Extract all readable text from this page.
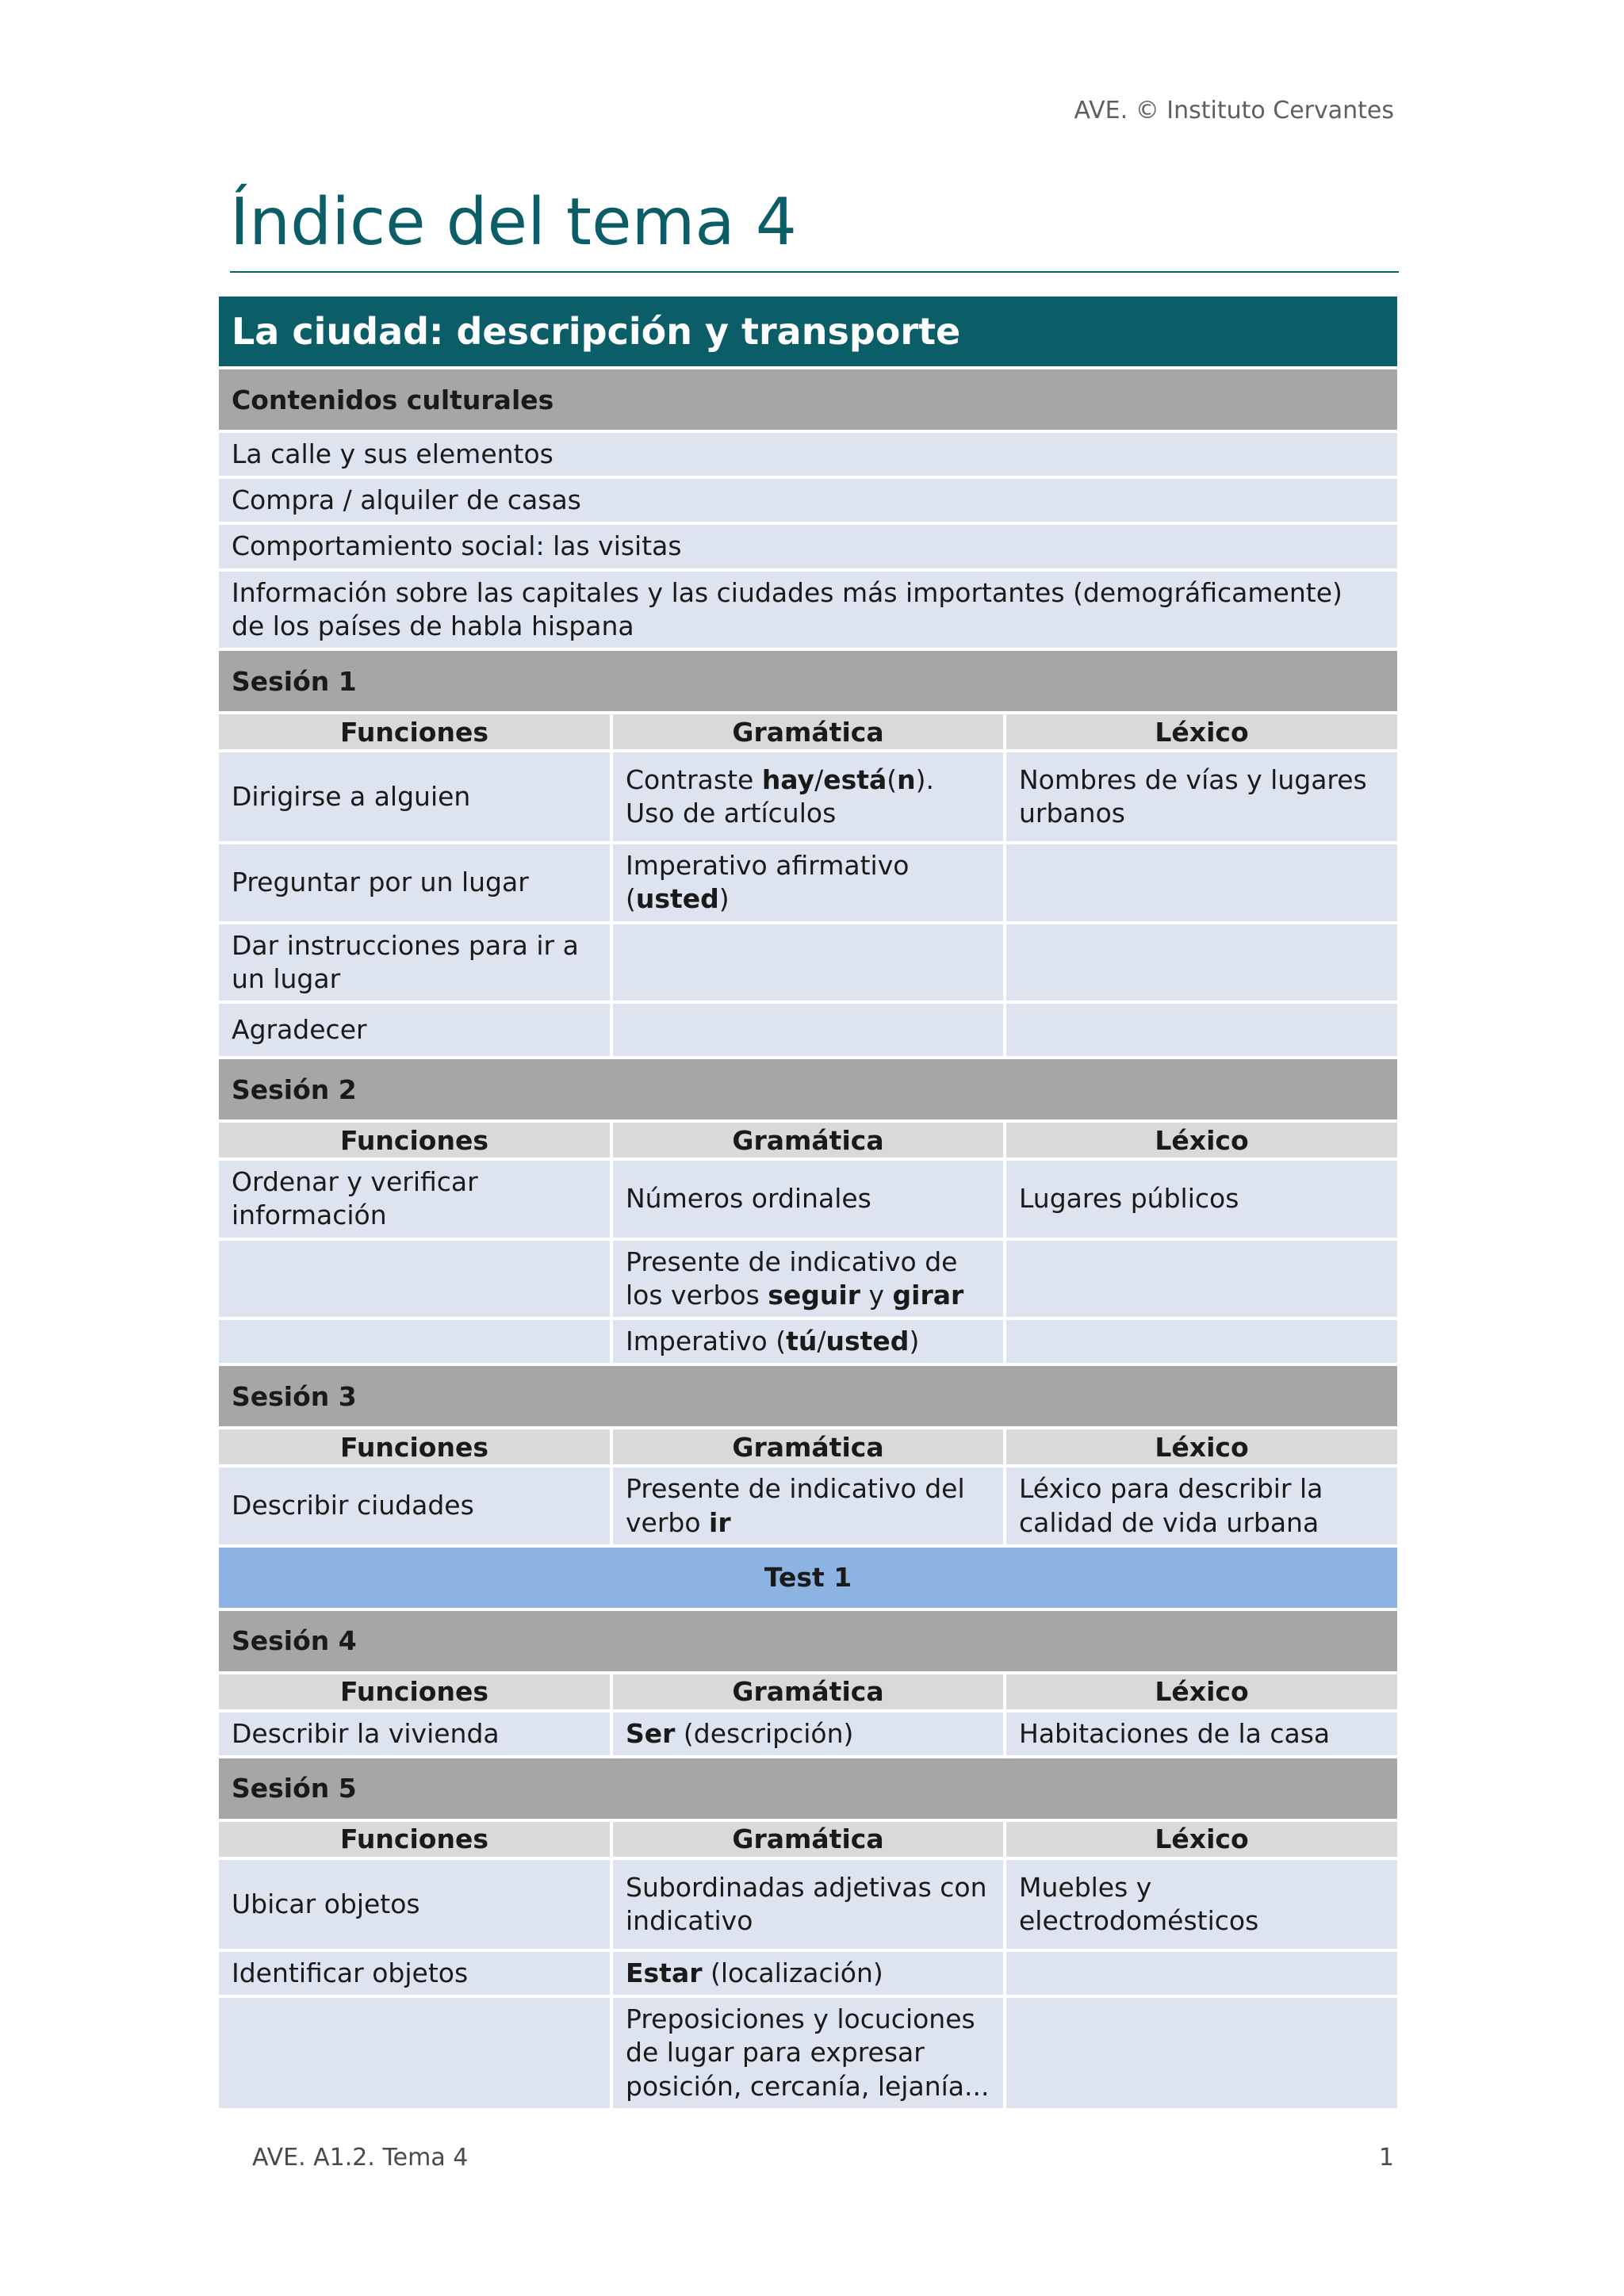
AVE. © Instituto Cervantes
Índice del tema 4
La ciudad: descripción y transporte		
Contenidos culturales		
La calle y sus elementos		
Compra / alquiler de casas		
Comportamiento social: las visitas		
Información sobre las capitales y las ciudades más importantes (demográficamente) de los países de habla hispana		
Sesión 1		
Funciones	Gramática	Léxico
Dirigirse a alguien	Contraste hay/está(n). Uso de artículos	Nombres de vías y lugares urbanos
Preguntar por un lugar	Imperativo afirmativo (usted)	
Dar instrucciones para ir a un lugar		
Agradecer		
Sesión 2		
Funciones	Gramática	Léxico
Ordenar y verificar información	Números ordinales	Lugares públicos
	Presente de indicativo de los verbos seguir y girar	
	Imperativo (tú/usted)	
Sesión 3		
Funciones	Gramática	Léxico
Describir ciudades	Presente de indicativo del verbo ir	Léxico para describir la calidad de vida urbana
Test 1		
Sesión 4		
Funciones	Gramática	Léxico
Describir la vivienda	Ser (descripción)	Habitaciones de la casa
Sesión 5		
Funciones	Gramática	Léxico
Ubicar objetos	Subordinadas adjetivas con indicativo	Muebles y electrodomésticos
Identificar objetos	Estar (localización)	
	Preposiciones y locuciones de lugar para expresar posición, cercanía, lejanía...	
AVE. A1.2. Tema 4	1
